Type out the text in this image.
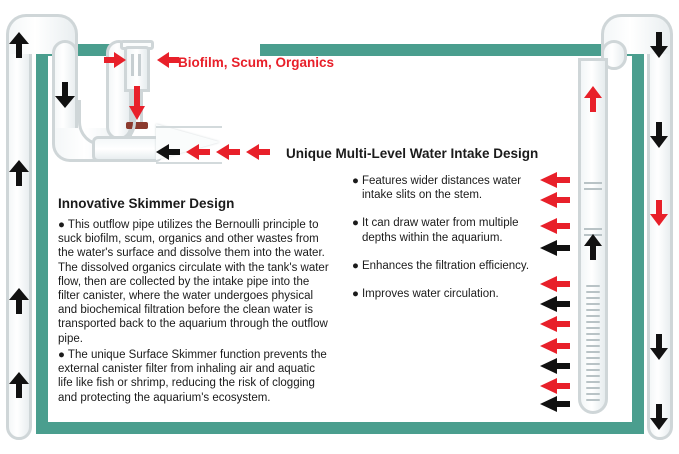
Biofilm, Scum, Organics
Innovative Skimmer Design
● This outflow pipe utilizes the Bernoulli principle to suck biofilm, scum, organics and other wastes from the water's surface and dissolve them into the water. The dissolved organics circulate with the tank's water flow, then are collected by the intake pipe into the filter canister, where the water undergoes physical and biochemical filtration before the clean water is transported back to the aquarium through the outflow pipe.
● The unique Surface Skimmer function prevents the external canister filter from inhaling air and aquatic life like fish or shrimp, reducing the risk of clogging and protecting the aquarium's ecosystem.
Unique Multi-Level Water Intake Design
● Features wider distances water intake slits on the stem.
● It can draw water from multiple depths within the aquarium.
● Enhances the filtration efficiency.
● Improves water circulation.
